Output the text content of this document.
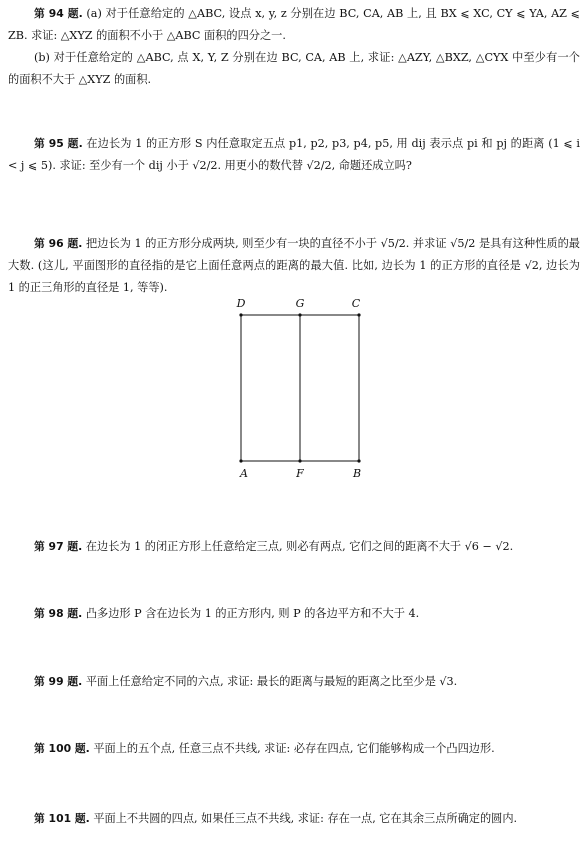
第 94 题. (a) 对于任意给定的 △ABC, 设点 x, y, z 分别在边 BC, CA, AB 上, 且 BX ⩽ XC, CY ⩽ YA, AZ ⩽ ZB. 求证: △XYZ 的面积不小于 △ABC 面积的四分之一.

(b) 对于任意给定的 △ABC, 点 X, Y, Z 分别在边 BC, CA, AB 上, 求证: △AZY, △BXZ, △CYX 中至少有一个的面积不大于 △XYZ 的面积.

第 95 题. 在边长为 1 的正方形 S 内任意取定五点 p1, p2, p3, p4, p5, 用 dij 表示点 pi 和 pj 的距离 (1 ⩽ i < j ⩽ 5). 求证: 至少有一个 dij 小于 √2/2. 用更小的数代替 √2/2, 命题还成立吗?

第 96 题. 把边长为 1 的正方形分成两块, 则至少有一块的直径不小于 √5/2. 并求证 √5/2 是具有这种性质的最大数. (这儿, 平面图形的直径指的是它上面任意两点的距离的最大值. 比如, 边长为 1 的正方形的直径是 √2, 边长为 1 的正三角形的直径是 1, 等等).

D	G	C
A	F	B

第 97 题. 在边长为 1 的闭正方形上任意给定三点, 则必有两点, 它们之间的距离不大于 √6 − √2.

第 98 题. 凸多边形 P 含在边长为 1 的正方形内, 则 P 的各边平方和不大于 4.

第 99 题. 平面上任意给定不同的六点, 求证: 最长的距离与最短的距离之比至少是 √3.

第 100 题. 平面上的五个点, 任意三点不共线, 求证: 必存在四点, 它们能够构成一个凸四边形.

第 101 题. 平面上不共圆的四点, 如果任三点不共线, 求证: 存在一点, 它在其余三点所确定的圆内.
